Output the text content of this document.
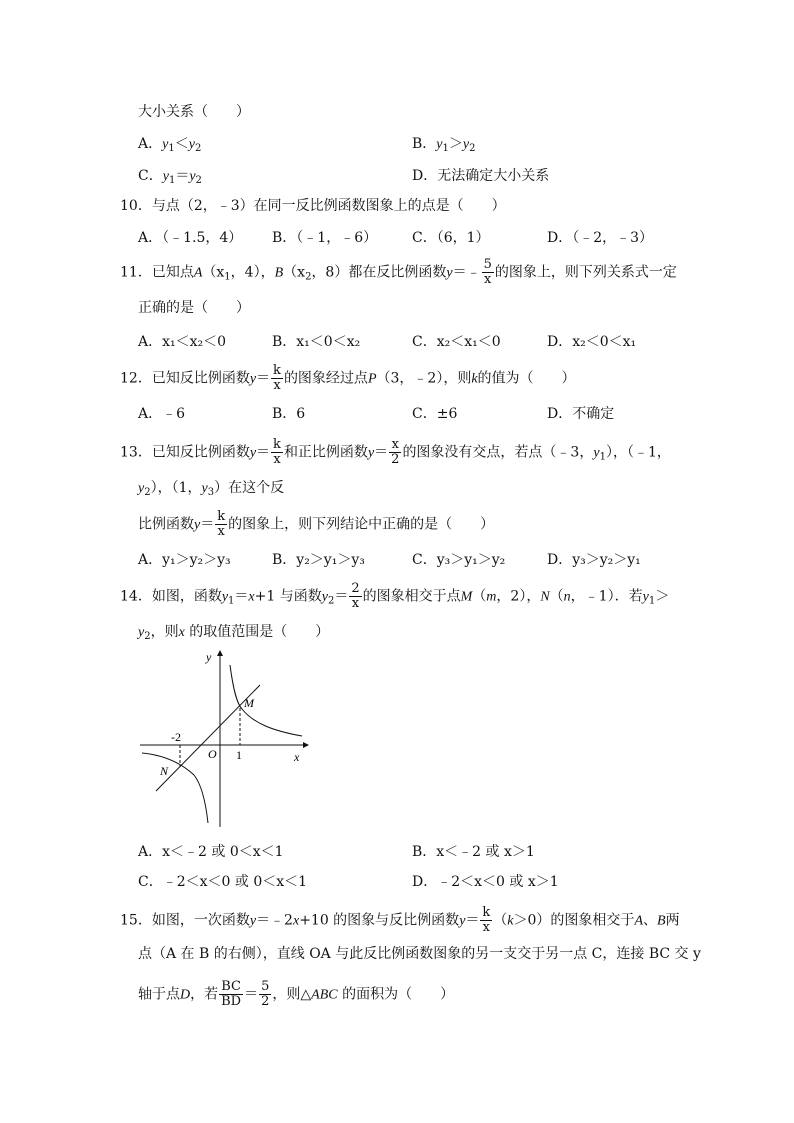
大小关系（　　）
A．$y_1<y_2$	B．$y_1>y_2$
C．$y_1=y_2$	D．无法确定大小关系
10．与点（2，﹣3）在同一反比例函数图象上的点是（　　）
A．（﹣1.5，4） B．（﹣1，﹣6） C．（6，1）	D．（﹣2，﹣3）
11．已知点$A(x_1$，4），$B(x_2$，8）都在反比例函数y＝﹣ $\frac{5}{x}$ 的图象上，则下列关系式一定
正确的是（　　）
A．x₁＜x₂＜0	B．x₁＜0＜x₂	C．x₂＜x₁＜0	D．x₂＜0＜x₁
12．已知反比例函数$y= \frac{k}{x}$ 的图象经过点P（3，﹣2），则k的值为（　　）
A．﹣6	B．6	C．±6	D．不确定
13．已知反比例函数$y= \frac{k}{x}$ 和正比例函数$y= \frac{x}{2}$ 的图象没有交点，若点（﹣3，$y_1$），（﹣1，
$y_2$），（1，$y_3$）在这个反
比例函数$y= \frac{k}{x}$ 的图象上，则下列结论中正确的是（　　）
A．y₁＞y₂＞y₃	B．y₂＞y₁＞y₃	C．y₃＞y₁＞y₂	D．y₃＞y₂＞y₁
14．如图，函数$y_1=x+1$ 与函数$y_2= \frac{2}{x}$ 的图象相交于点M（m，2），N（n，﹣1）．若$y_1>$
$y_2$，则x 的取值范围是（　　）
y
x
O
M
N
1
-2
A．x＜﹣2 或 0＜x＜1	B．x＜﹣2 或 x＞1
C．﹣2＜x＜0 或 0＜x＜1	D．﹣2＜x＜0 或 x＞1
15．如图，一次函数y＝﹣2x+10 的图象与反比例函数$y= \frac{k}{x} (k>0)$的图象相交于A、B两
点（A 在 B 的右侧），直线 OA 与此反比例函数图象的另一支交于另一点 C，连接 BC 交 y
轴于点D，若 $\frac{BC}{BD} = \frac{5}{2}$ ，则△ABC 的面积为（　　）
